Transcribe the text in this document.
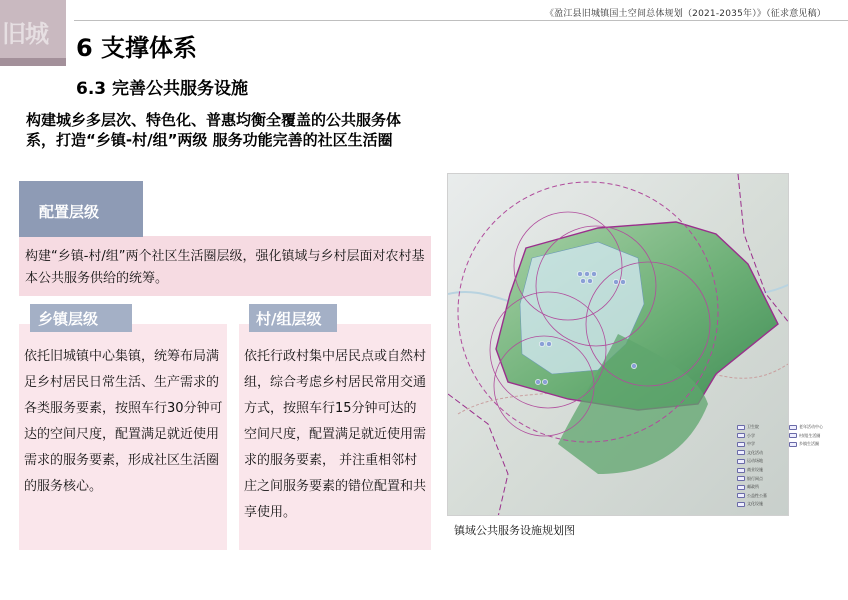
《盈江县旧城镇国土空间总体规划（2021-2035年）》（征求意见稿）
旧城 6 支撑体系
6.3 完善公共服务设施
构建城乡多层次、特色化、普惠均衡全覆盖的公共服务体系，打造“乡镇-村/组”两级 服务功能完善的社区生活圈

构建“乡镇-村/组”两个社区生活圈层级，强化镇域与乡村层面对农村基本公共服务供给的统筹。

配置层级

依托旧城镇中心集镇，统筹布局满足乡村居民日常生活、生产需求的各类服务要素，按照车行30分钟可达的空间尺度，配置满足就近使用需求的服务要素，形成社区生活圈的服务核心。

乡镇层级

依托行政村集中居民点或自然村组，综合考虑乡村居民常用交通方式，按照车行15分钟可达的空间尺度，配置满足就近使用需求的服务要素， 并注重相邻村庄之间服务要素的错位配置和共享使用。

村/组层级
镇域公共服务设施规划图
卫生院
小学
中学
文化活动
运动场地
商业设施
银行网点
邮政所
公益性公墓
文化设施
老年活动中心
村/组生活圈
乡镇生活圈
